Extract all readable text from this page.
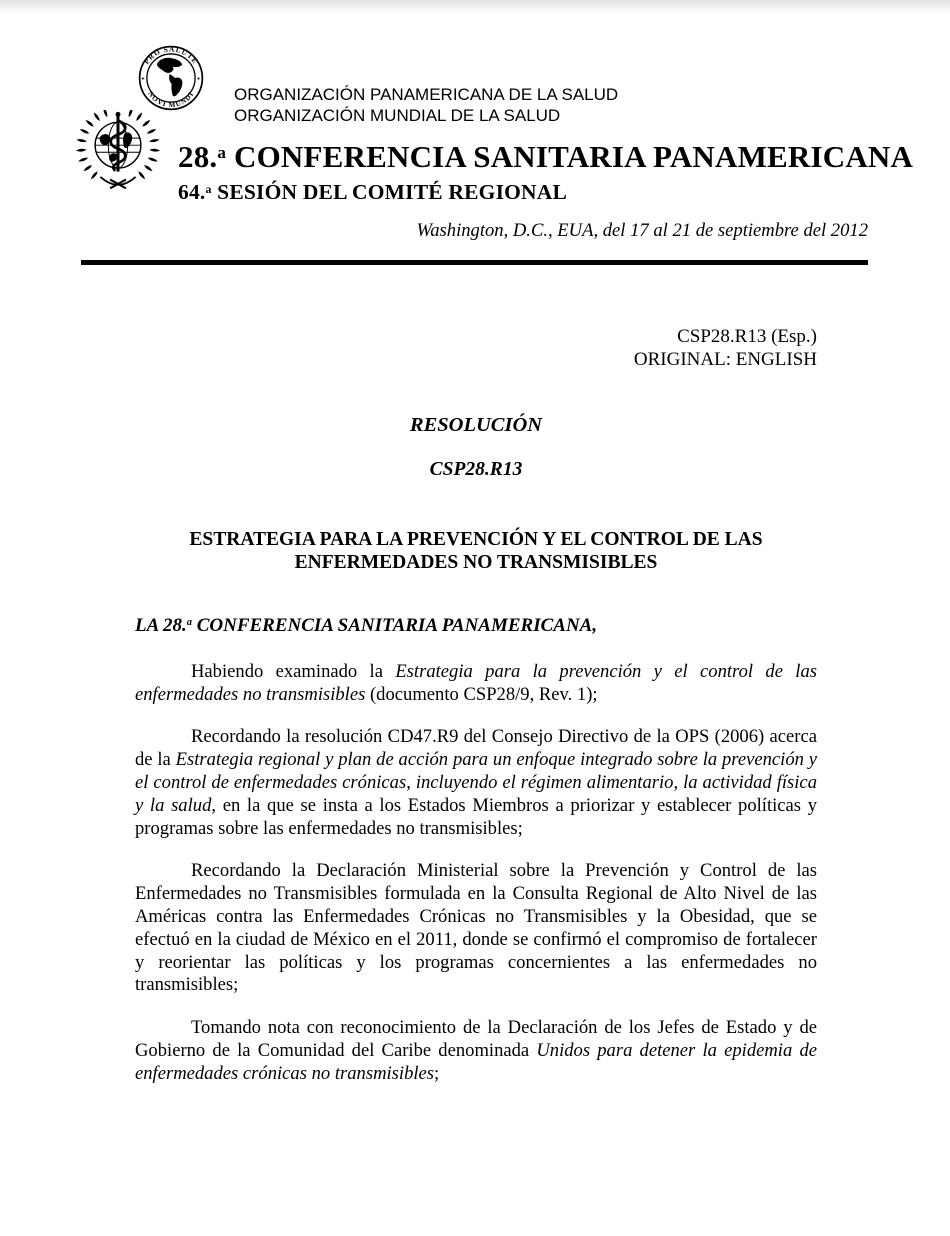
PRO SALUTE
NOVI MUNDI
✶	✶
ORGANIZACIÓN PANAMERICANA DE LA SALUD
ORGANIZACIÓN MUNDIAL DE LA SALUD
28.$^a$ CONFERENCIA SANITARIA PANAMERICANA
64.$^a$ SESIÓN DEL COMITÉ REGIONAL
Washington, D.C., EUA, del 17 al 21 de septiembre del 2012
CSP28.R13 (Esp.)
ORIGINAL: ENGLISH
RESOLUCIÓN
CSP28.R13
ESTRATEGIA PARA LA PREVENCIÓN Y EL CONTROL DE LAS
ENFERMEDADES NO TRANSMISIBLES

LA 28.$^a$ CONFERENCIA SANITARIA PANAMERICANA,

Habiendo examinado la Estrategia para la prevención y el control de las enfermedades no transmisibles (documento CSP28/9, Rev. 1);

Recordando la resolución CD47.R9 del Consejo Directivo de la OPS (2006) acerca de la Estrategia regional y plan de acción para un enfoque integrado sobre la prevención y el control de enfermedades crónicas, incluyendo el régimen alimentario, la actividad física y la salud, en la que se insta a los Estados Miembros a priorizar y establecer políticas y programas sobre las enfermedades no transmisibles;

Recordando la Declaración Ministerial sobre la Prevención y Control de las Enfermedades no Transmisibles formulada en la Consulta Regional de Alto Nivel de las Américas contra las Enfermedades Crónicas no Transmisibles y la Obesidad, que se efectuó en la ciudad de México en el 2011, donde se confirmó el compromiso de fortalecer y reorientar las políticas y los programas concernientes a las enfermedades no transmisibles;

Tomando nota con reconocimiento de la Declaración de los Jefes de Estado y de Gobierno de la Comunidad del Caribe denominada Unidos para detener la epidemia de enfermedades crónicas no transmisibles;
